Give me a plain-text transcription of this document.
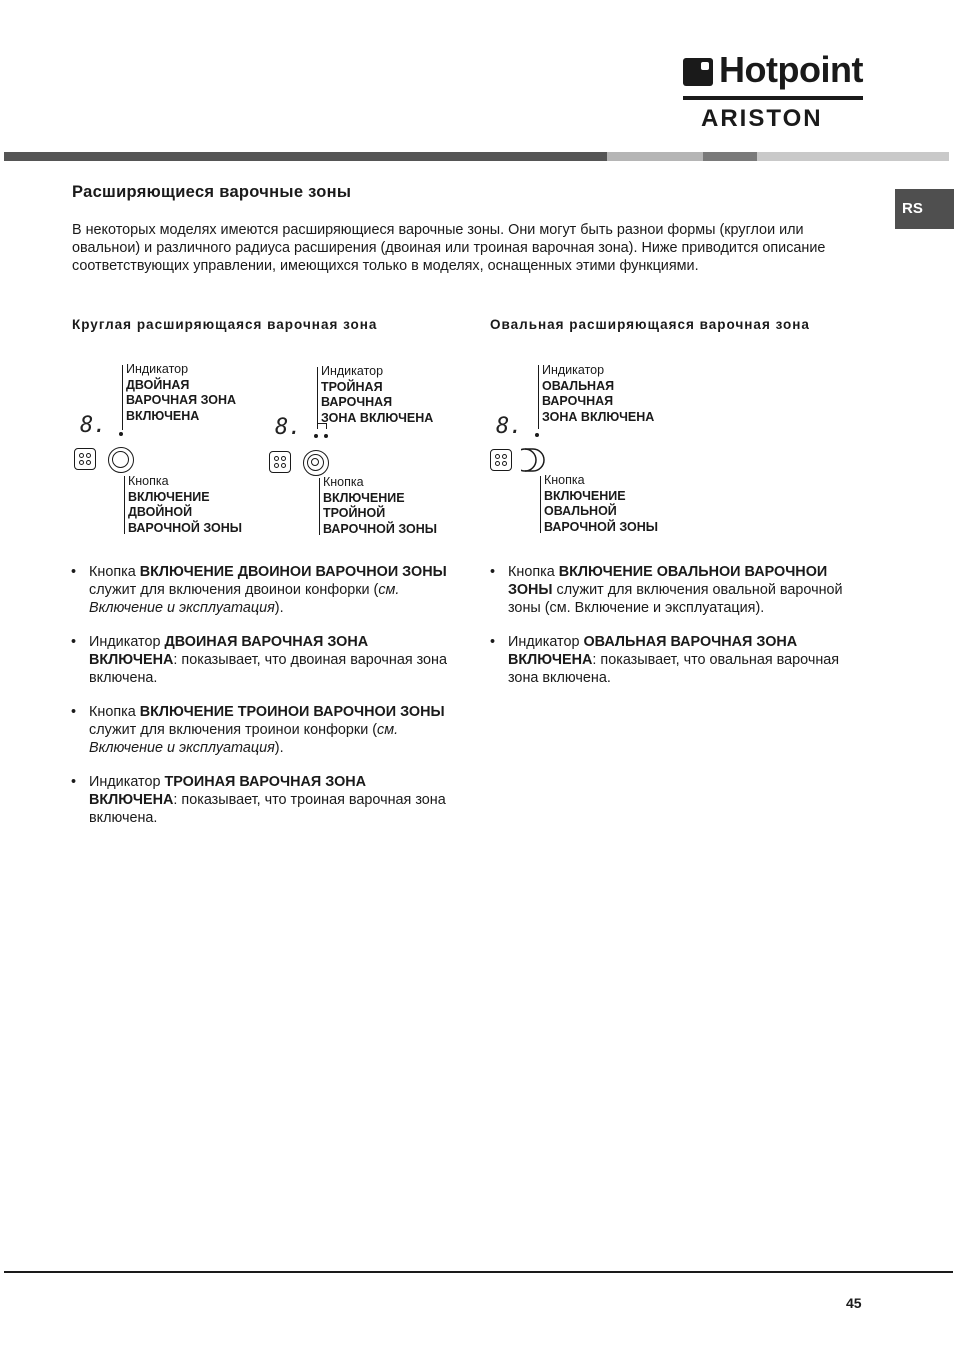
Hotpoint
ARISTON
RS
Расширяющиеся варочные зоны
В некоторых моделях имеются расширяющиеся варочные зоны. Они могут быть разнои формы (круглои или овальнои) и различного радиуса расширения (двоиная или троиная варочная зона). Ниже приводится описание соответствующих управлении, имеющихся только в моделях, оснащенных этими функциями.
Круглая расширяющаяся варочная зона	Овальная расширяющаяся варочная зона
Индикатор
ДВОЙНАЯ
ВАРОЧНАЯ ЗОНА
ВКЛЮЧЕНА
8.
Кнопка
ВКЛЮЧЕНИЕ
ДВОЙНОЙ
ВАРОЧНОЙ ЗОНЫ
Индикатор
ТРОЙНАЯ
ВАРОЧНАЯ
ЗОНА ВКЛЮЧЕНА
8.
Кнопка
ВКЛЮЧЕНИЕ
ТРОЙНОЙ
ВАРОЧНОЙ ЗОНЫ
Индикатор
ОВАЛЬНАЯ
ВАРОЧНАЯ
ЗОНА ВКЛЮЧЕНА
8.
Кнопка
ВКЛЮЧЕНИЕ
ОВАЛЬНОЙ
ВАРОЧНОЙ ЗОНЫ
• Кнопка ВКЛЮЧЕНИЕ ДВОИНОИ ВАРОЧНОИ ЗОНЫ служит для включения двоинои конфорки (см. Включение и эксплуатация).
• Индикатор ДВОИНАЯ ВАРОЧНАЯ ЗОНА ВКЛЮЧЕНА: показывает, что двоиная варочная зона включена.
• Кнопка ВКЛЮЧЕНИЕ ТРОИНОИ ВАРОЧНОИ ЗОНЫ служит для включения троинои конфорки (см. Включение и эксплуатация).
• Индикатор ТРОИНАЯ ВАРОЧНАЯ ЗОНА ВКЛЮЧЕНА: показывает, что троиная варочная зона включена.
• Кнопка ВКЛЮЧЕНИЕ ОВАЛЬНОИ ВАРОЧНОИ ЗОНЫ служит для включения овальной варочной зоны (см. Включение и эксплуатация).
• Индикатор ОВАЛЬНАЯ ВАРОЧНАЯ ЗОНА ВКЛЮЧЕНА: показывает, что овальная варочная зона включена.
45
